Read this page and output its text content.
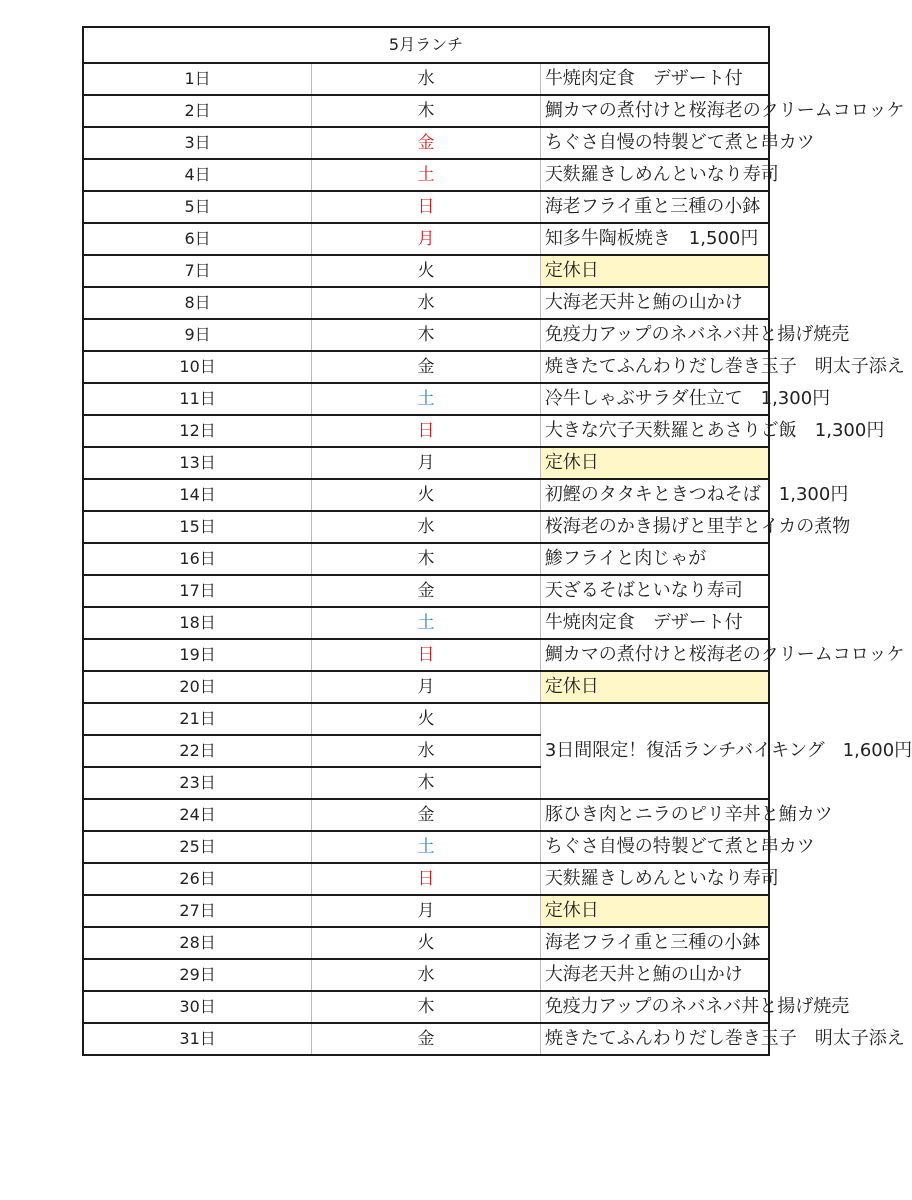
5月ランチ		
1日	水	牛焼肉定食　デザート付
2日	木	鯛カマの煮付けと桜海老のクリームコロッケ
3日	金	ちぐさ自慢の特製どて煮と串カツ
4日	土	天麩羅きしめんといなり寿司
5日	日	海老フライ重と三種の小鉢
6日	月	知多牛陶板焼き　1,500円
7日	火	定休日
8日	水	大海老天丼と鮪の山かけ
9日	木	免疫力アップのネバネバ丼と揚げ焼売
10日	金	焼きたてふんわりだし巻き玉子　明太子添え
11日	土	冷牛しゃぶサラダ仕立て　1,300円
12日	日	大きな穴子天麩羅とあさりご飯　1,300円
13日	月	定休日
14日	火	初鰹のタタキときつねそば　1,300円
15日	水	桜海老のかき揚げと里芋とイカの煮物
16日	木	鯵フライと肉じゃが
17日	金	天ざるそばといなり寿司
18日	土	牛焼肉定食　デザート付
19日	日	鯛カマの煮付けと桜海老のクリームコロッケ
20日	月	定休日
21日	火	3日間限定！復活ランチバイキング　1,600円
22日	水	
23日	木	
24日	金	豚ひき肉とニラのピリ辛丼と鮪カツ
25日	土	ちぐさ自慢の特製どて煮と串カツ
26日	日	天麩羅きしめんといなり寿司
27日	月	定休日
28日	火	海老フライ重と三種の小鉢
29日	水	大海老天丼と鮪の山かけ
30日	木	免疫力アップのネバネバ丼と揚げ焼売
31日	金	焼きたてふんわりだし巻き玉子　明太子添え
